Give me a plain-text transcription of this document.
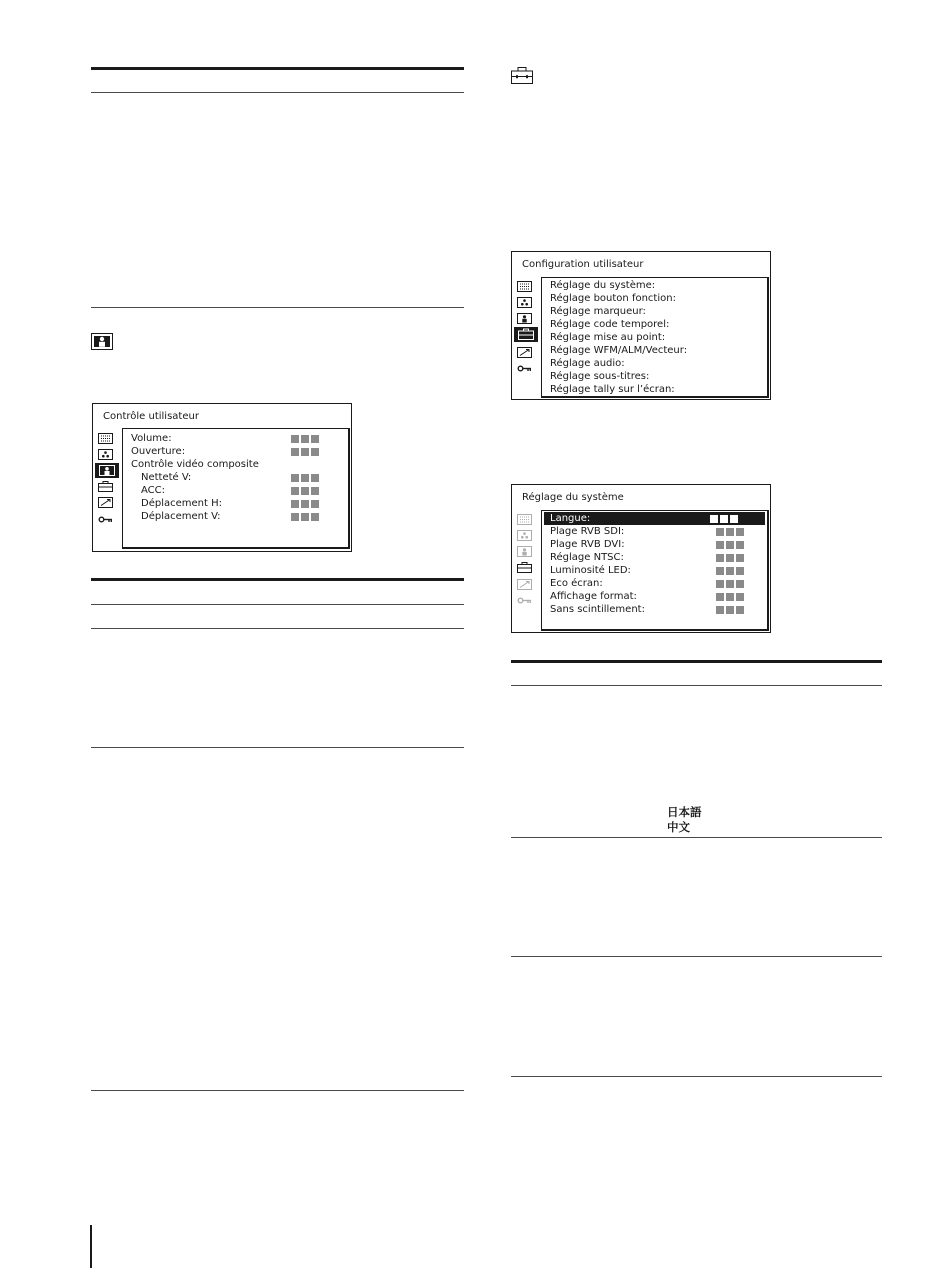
Contrôle utilisateur
Volume:
Ouverture:
Contrôle vidéo composite
Netteté V:
ACC:
Déplacement H:
Déplacement V:
Configuration utilisateur
Réglage du système:
Réglage bouton fonction:
Réglage marqueur:
Réglage code temporel:
Réglage mise au point:
Réglage WFM/ALM/Vecteur:
Réglage audio:
Réglage sous-titres:
Réglage tally sur l’écran:
Réglage du système
Langue:
Plage RVB SDI:
Plage RVB DVI:
Réglage NTSC:
Luminosité LED:
Eco écran:
Affichage format:
Sans scintillement:
日本語
中文
